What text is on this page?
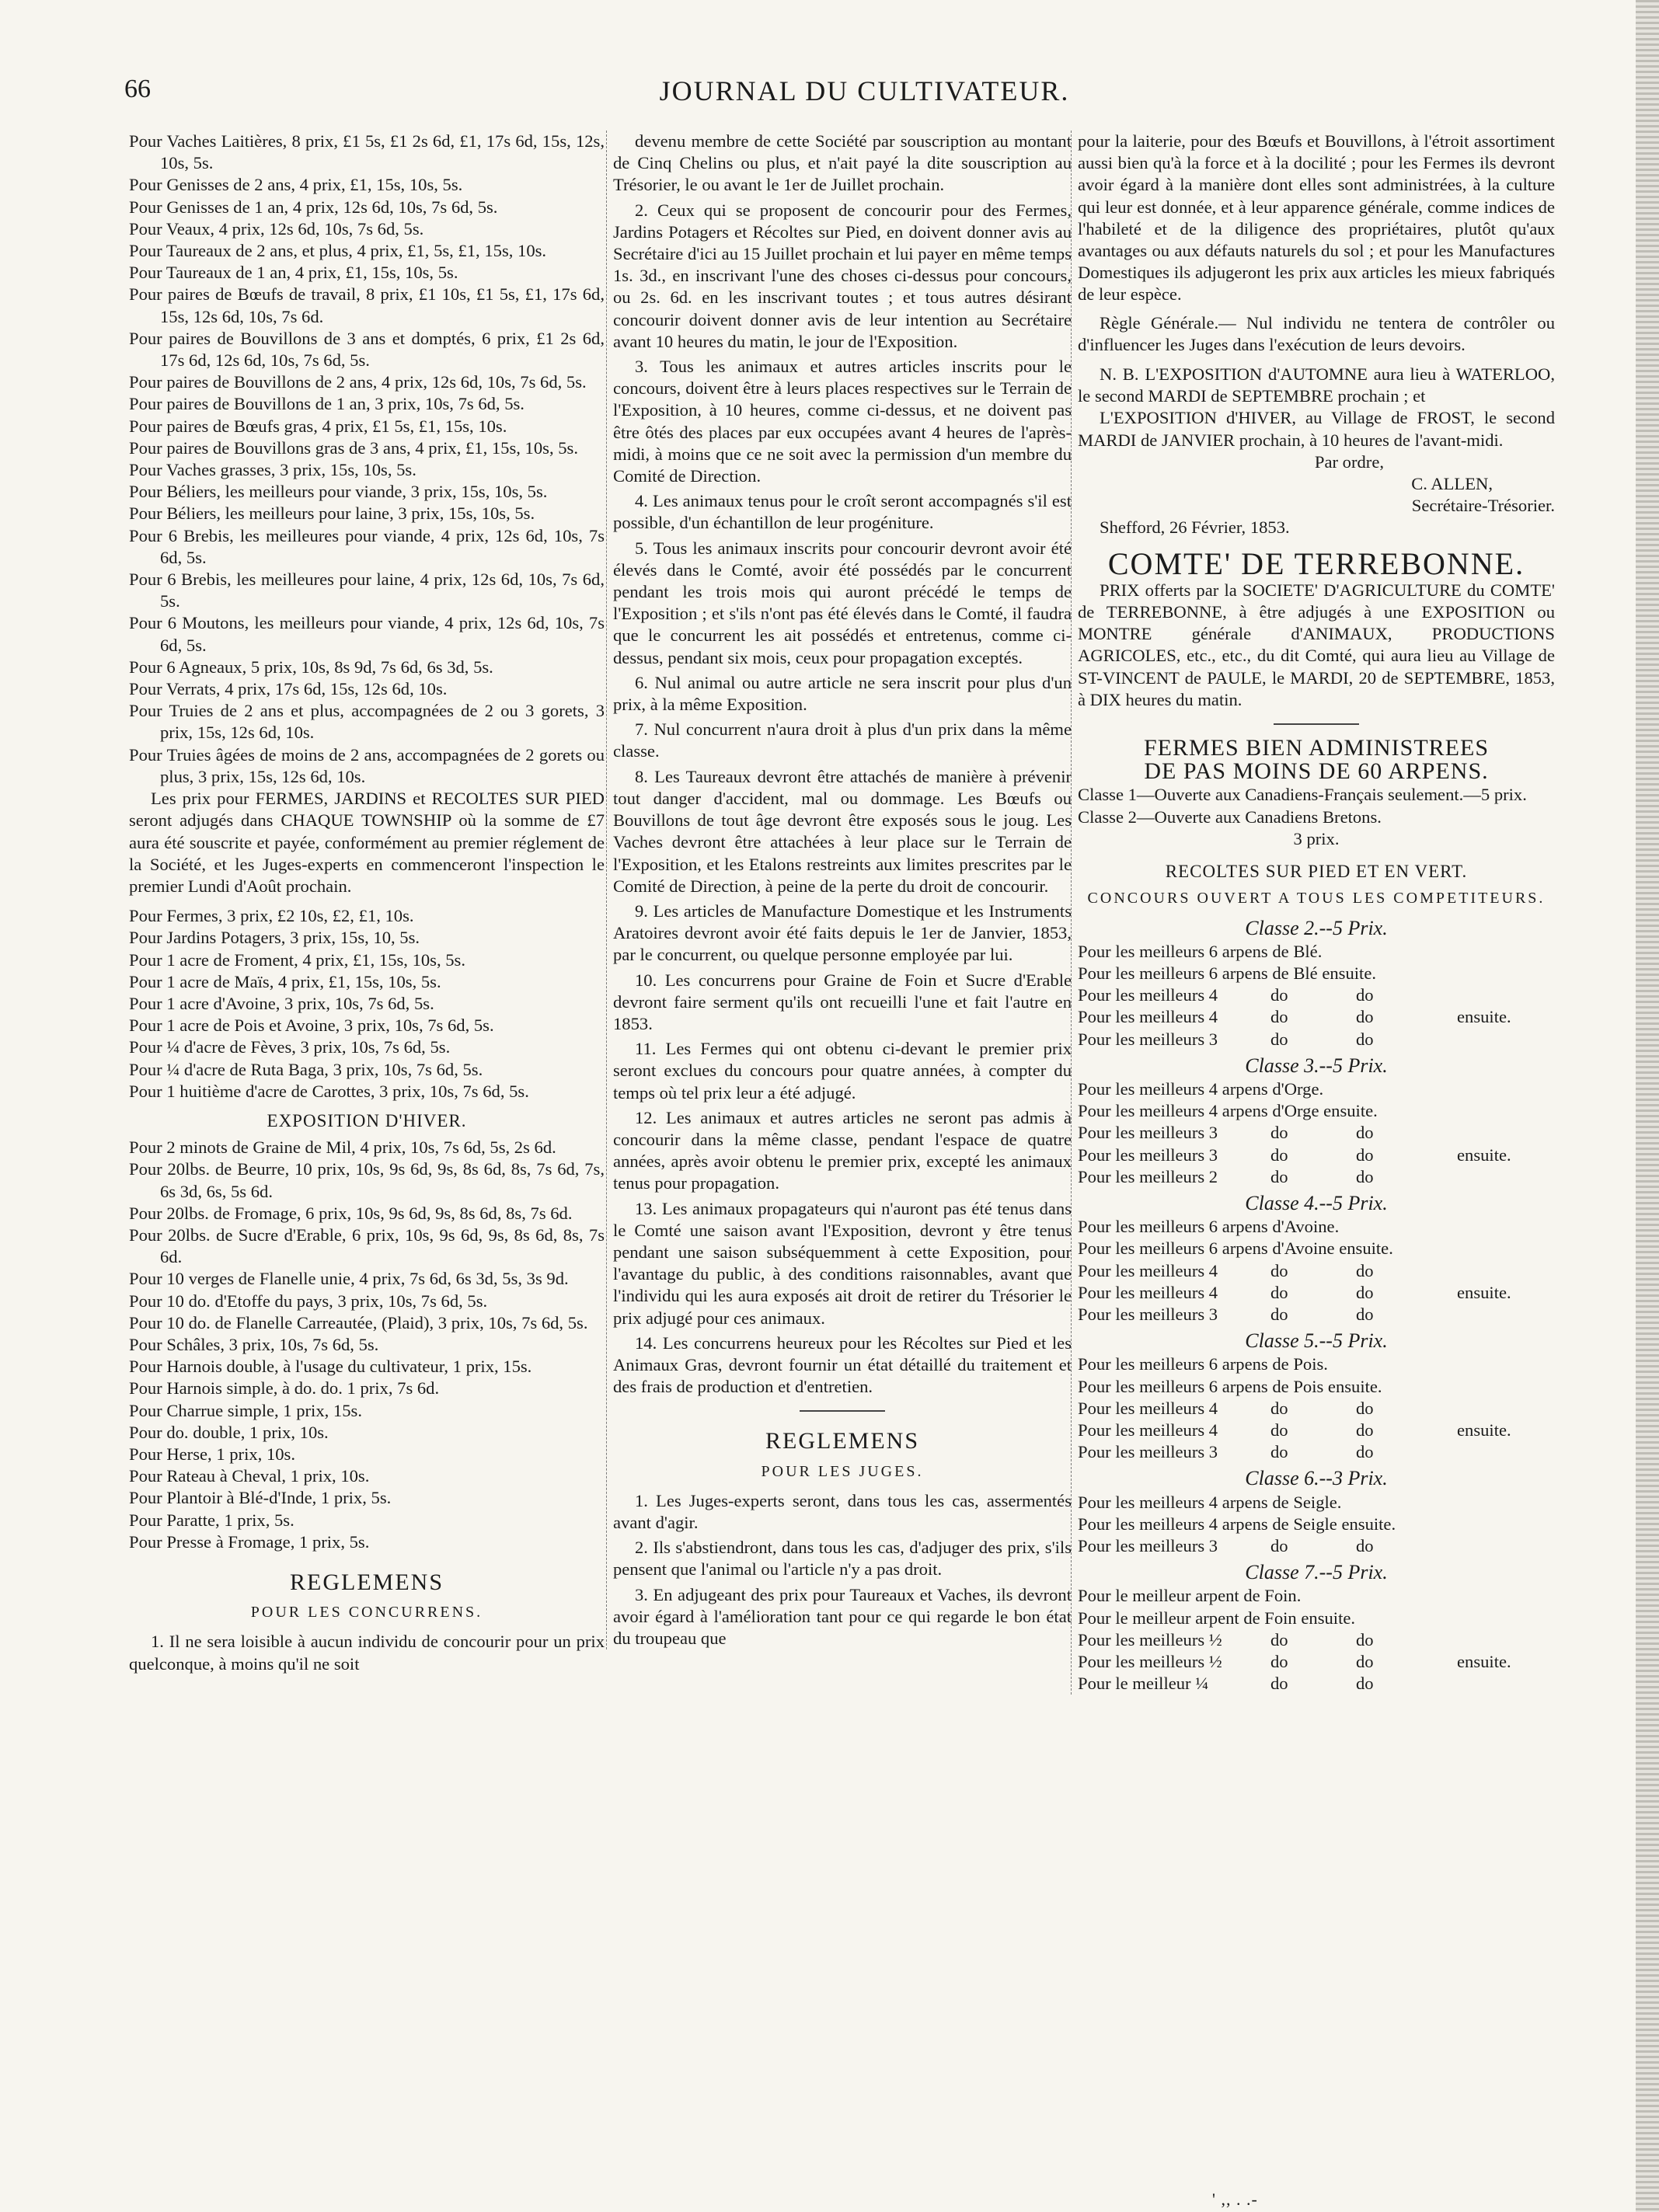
66	JOURNAL DU CULTIVATEUR.

Pour Vaches Laitières, 8 prix, £1 5s, £1 2s 6d, £1, 17s 6d, 15s, 12s, 10s, 5s.

Pour Genisses de 2 ans, 4 prix, £1, 15s, 10s, 5s.

Pour Genisses de 1 an, 4 prix, 12s 6d, 10s, 7s 6d, 5s.

Pour Veaux, 4 prix, 12s 6d, 10s, 7s 6d, 5s.

Pour Taureaux de 2 ans, et plus, 4 prix, £1, 5s, £1, 15s, 10s.

Pour Taureaux de 1 an, 4 prix, £1, 15s, 10s, 5s.

Pour paires de Bœufs de travail, 8 prix, £1 10s, £1 5s, £1, 17s 6d, 15s, 12s 6d, 10s, 7s 6d.

Pour paires de Bouvillons de 3 ans et domptés, 6 prix, £1 2s 6d, 17s 6d, 12s 6d, 10s, 7s 6d, 5s.

Pour paires de Bouvillons de 2 ans, 4 prix, 12s 6d, 10s, 7s 6d, 5s.

Pour paires de Bouvillons de 1 an, 3 prix, 10s, 7s 6d, 5s.

Pour paires de Bœufs gras, 4 prix, £1 5s, £1, 15s, 10s.

Pour paires de Bouvillons gras de 3 ans, 4 prix, £1, 15s, 10s, 5s.

Pour Vaches grasses, 3 prix, 15s, 10s, 5s.

Pour Béliers, les meilleurs pour viande, 3 prix, 15s, 10s, 5s.

Pour Béliers, les meilleurs pour laine, 3 prix, 15s, 10s, 5s.

Pour 6 Brebis, les meilleures pour viande, 4 prix, 12s 6d, 10s, 7s 6d, 5s.

Pour 6 Brebis, les meilleures pour laine, 4 prix, 12s 6d, 10s, 7s 6d, 5s.

Pour 6 Moutons, les meilleurs pour viande, 4 prix, 12s 6d, 10s, 7s 6d, 5s.

Pour 6 Agneaux, 5 prix, 10s, 8s 9d, 7s 6d, 6s 3d, 5s.

Pour Verrats, 4 prix, 17s 6d, 15s, 12s 6d, 10s.

Pour Truies de 2 ans et plus, accompagnées de 2 ou 3 gorets, 3 prix, 15s, 12s 6d, 10s.

Pour Truies âgées de moins de 2 ans, accompagnées de 2 gorets ou plus, 3 prix, 15s, 12s 6d, 10s.

Les prix pour FERMES, JARDINS et RECOLTES SUR PIED seront adjugés dans CHAQUE TOWNSHIP où la somme de £7 aura été souscrite et payée, conformément au premier réglement de la Société, et les Juges-experts en commenceront l'inspection le premier Lundi d'Août prochain.

Pour Fermes, 3 prix, £2 10s, £2, £1, 10s.

Pour Jardins Potagers, 3 prix, 15s, 10, 5s.

Pour 1 acre de Froment, 4 prix, £1, 15s, 10s, 5s.

Pour 1 acre de Maïs, 4 prix, £1, 15s, 10s, 5s.

Pour 1 acre d'Avoine, 3 prix, 10s, 7s 6d, 5s.

Pour 1 acre de Pois et Avoine, 3 prix, 10s, 7s 6d, 5s.

Pour ¼ d'acre de Fèves, 3 prix, 10s, 7s 6d, 5s.

Pour ¼ d'acre de Ruta Baga, 3 prix, 10s, 7s 6d, 5s.

Pour 1 huitième d'acre de Carottes, 3 prix, 10s, 7s 6d, 5s.

EXPOSITION D'HIVER.

Pour 2 minots de Graine de Mil, 4 prix, 10s, 7s 6d, 5s, 2s 6d.

Pour 20lbs. de Beurre, 10 prix, 10s, 9s 6d, 9s, 8s 6d, 8s, 7s 6d, 7s, 6s 3d, 6s, 5s 6d.

Pour 20lbs. de Fromage, 6 prix, 10s, 9s 6d, 9s, 8s 6d, 8s, 7s 6d.

Pour 20lbs. de Sucre d'Erable, 6 prix, 10s, 9s 6d, 9s, 8s 6d, 8s, 7s 6d.

Pour 10 verges de Flanelle unie, 4 prix, 7s 6d, 6s 3d, 5s, 3s 9d.

Pour 10 do. d'Etoffe du pays, 3 prix, 10s, 7s 6d, 5s.

Pour 10 do. de Flanelle Carreautée, (Plaid), 3 prix, 10s, 7s 6d, 5s.

Pour Schâles, 3 prix, 10s, 7s 6d, 5s.

Pour Harnois double, à l'usage du cultivateur, 1 prix, 15s.

Pour Harnois simple, à do. do. 1 prix, 7s 6d.

Pour Charrue simple, 1 prix, 15s.

Pour do. double, 1 prix, 10s.

Pour Herse, 1 prix, 10s.

Pour Rateau à Cheval, 1 prix, 10s.

Pour Plantoir à Blé-d'Inde, 1 prix, 5s.

Pour Paratte, 1 prix, 5s.

Pour Presse à Fromage, 1 prix, 5s.

REGLEMENS
POUR LES CONCURRENS.

1. Il ne sera loisible à aucun individu de concourir pour un prix quelconque, à moins qu'il ne soit

devenu membre de cette Société par souscription au montant de Cinq Chelins ou plus, et n'ait payé la dite souscription au Trésorier, le ou avant le 1er de Juillet prochain.

2. Ceux qui se proposent de concourir pour des Fermes, Jardins Potagers et Récoltes sur Pied, en doivent donner avis au Secrétaire d'ici au 15 Juillet prochain et lui payer en même temps 1s. 3d., en inscrivant l'une des choses ci-dessus pour concours, ou 2s. 6d. en les inscrivant toutes ; et tous autres désirant concourir doivent donner avis de leur intention au Secrétaire avant 10 heures du matin, le jour de l'Exposition.

3. Tous les animaux et autres articles inscrits pour le concours, doivent être à leurs places respectives sur le Terrain de l'Exposition, à 10 heures, comme ci-dessus, et ne doivent pas être ôtés des places par eux occupées avant 4 heures de l'après-midi, à moins que ce ne soit avec la permission d'un membre du Comité de Direction.

4. Les animaux tenus pour le croît seront accompagnés s'il est possible, d'un échantillon de leur progéniture.

5. Tous les animaux inscrits pour concourir devront avoir été élevés dans le Comté, avoir été possédés par le concurrent pendant les trois mois qui auront précédé le temps de l'Exposition ; et s'ils n'ont pas été élevés dans le Comté, il faudra que le concurrent les ait possédés et entretenus, comme ci-dessus, pendant six mois, ceux pour propagation exceptés.

6. Nul animal ou autre article ne sera inscrit pour plus d'un prix, à la même Exposition.

7. Nul concurrent n'aura droit à plus d'un prix dans la même classe.

8. Les Taureaux devront être attachés de manière à prévenir tout danger d'accident, mal ou dommage. Les Bœufs ou Bouvillons de tout âge devront être exposés sous le joug. Les Vaches devront être attachées à leur place sur le Terrain de l'Exposition, et les Etalons restreints aux limites prescrites par le Comité de Direction, à peine de la perte du droit de concourir.

9. Les articles de Manufacture Domestique et les Instruments Aratoires devront avoir été faits depuis le 1er de Janvier, 1853, par le concurrent, ou quelque personne employée par lui.

10. Les concurrens pour Graine de Foin et Sucre d'Erable devront faire serment qu'ils ont recueilli l'une et fait l'autre en 1853.

11. Les Fermes qui ont obtenu ci-devant le premier prix seront exclues du concours pour quatre années, à compter du temps où tel prix leur a été adjugé.

12. Les animaux et autres articles ne seront pas admis à concourir dans la même classe, pendant l'espace de quatre années, après avoir obtenu le premier prix, excepté les animaux tenus pour propagation.

13. Les animaux propagateurs qui n'auront pas été tenus dans le Comté une saison avant l'Exposition, devront y être tenus pendant une saison subséquemment à cette Exposition, pour l'avantage du public, à des conditions raisonnables, avant que l'individu qui les aura exposés ait droit de retirer du Trésorier le prix adjugé pour ces animaux.

14. Les concurrens heureux pour les Récoltes sur Pied et les Animaux Gras, devront fournir un état détaillé du traitement et des frais de production et d'entretien.

REGLEMENS
POUR LES JUGES.

1. Les Juges-experts seront, dans tous les cas, assermentés avant d'agir.

2. Ils s'abstiendront, dans tous les cas, d'adjuger des prix, s'ils pensent que l'animal ou l'article n'y a pas droit.

3. En adjugeant des prix pour Taureaux et Vaches, ils devront avoir égard à l'amélioration tant pour ce qui regarde le bon état du troupeau que

pour la laiterie, pour des Bœufs et Bouvillons, à l'étroit assortiment aussi bien qu'à la force et à la docilité ; pour les Fermes ils devront avoir égard à la manière dont elles sont administrées, à la culture qui leur est donnée, et à leur apparence générale, comme indices de l'habileté et de la diligence des propriétaires, plutôt qu'aux avantages ou aux défauts naturels du sol ; et pour les Manufactures Domestiques ils adjugeront les prix aux articles les mieux fabriqués de leur espèce.

Règle Générale.— Nul individu ne tentera de contrôler ou d'influencer les Juges dans l'exécution de leurs devoirs.

N. B. L'EXPOSITION d'AUTOMNE aura lieu à WATERLOO, le second MARDI de SEPTEMBRE prochain ; et

L'EXPOSITION d'HIVER, au Village de FROST, le second MARDI de JANVIER prochain, à 10 heures de l'avant-midi.

Par ordre,

C. ALLEN,

Secrétaire-Trésorier.

Shefford, 26 Février, 1853.

COMTE' DE TERREBONNE.

PRIX offerts par la SOCIETE' D'AGRICULTURE du COMTE' de TERREBONNE, à être adjugés à une EXPOSITION ou MONTRE générale d'ANIMAUX, PRODUCTIONS AGRICOLES, etc., etc., du dit Comté, qui aura lieu au Village de ST-VINCENT de PAULE, le MARDI, 20 de SEPTEMBRE, 1853, à DIX heures du matin.

FERMES BIEN ADMINISTREES
DE PAS MOINS DE 60 ARPENS.

Classe 1—Ouverte aux Canadiens-Français seulement.—5 prix.

Classe 2—Ouverte aux Canadiens Bretons.

3 prix.

RECOLTES SUR PIED ET EN VERT.
CONCOURS OUVERT A TOUS LES COMPETITEURS.
Classe 2.--5 Prix.
Pour les meilleurs 6 arpens de Blé.
Pour les meilleurs 6 arpens de Blé ensuite.
Pour les meilleurs 4	do	do
Pour les meilleurs 4	do	do	ensuite.
Pour les meilleurs 3	do	do
Classe 3.--5 Prix.
Pour les meilleurs 4 arpens d'Orge.
Pour les meilleurs 4 arpens d'Orge ensuite.
Pour les meilleurs 3	do	do
Pour les meilleurs 3	do	do	ensuite.
Pour les meilleurs 2	do	do
Classe 4.--5 Prix.
Pour les meilleurs 6 arpens d'Avoine.
Pour les meilleurs 6 arpens d'Avoine ensuite.
Pour les meilleurs 4	do	do
Pour les meilleurs 4	do	do	ensuite.
Pour les meilleurs 3	do	do
Classe 5.--5 Prix.
Pour les meilleurs 6 arpens de Pois.
Pour les meilleurs 6 arpens de Pois ensuite.
Pour les meilleurs 4	do	do
Pour les meilleurs 4	do	do	ensuite.
Pour les meilleurs 3	do	do
Classe 6.--3 Prix.
Pour les meilleurs 4 arpens de Seigle.
Pour les meilleurs 4 arpens de Seigle ensuite.
Pour les meilleurs 3	do	do
Classe 7.--5 Prix.
Pour le meilleur arpent de Foin.
Pour le meilleur arpent de Foin ensuite.
Pour les meilleurs ½	do	do
Pour les meilleurs ½	do	do	ensuite.
Pour le meilleur ¼	do	do
' ,, . .-
